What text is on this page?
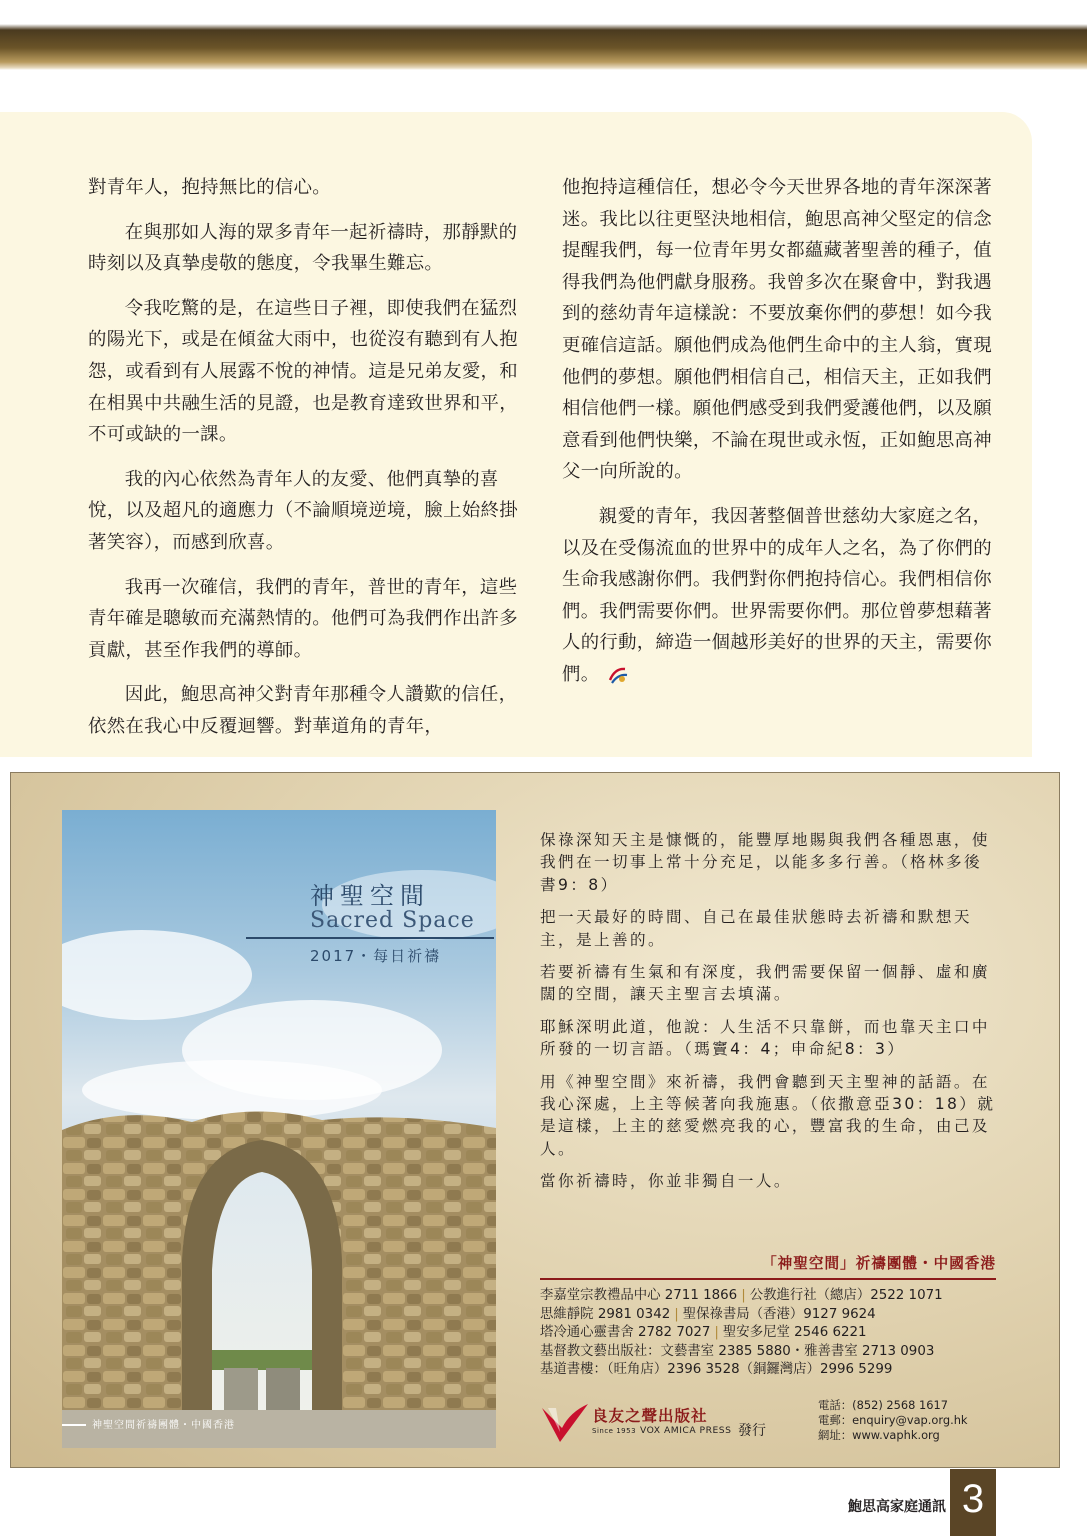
對青年人，抱持無比的信心。

在與那如人海的眾多青年一起祈禱時，那靜默的時刻以及真摯虔敬的態度，令我畢生難忘。

令我吃驚的是，在這些日子裡，即使我們在猛烈的陽光下，或是在傾盆大雨中，也從沒有聽到有人抱怨，或看到有人展露不悅的神情。這是兄弟友愛，和在相異中共融生活的見證，也是教育達致世界和平，不可或缺的一課。

我的內心依然為青年人的友愛、他們真摯的喜悅，以及超凡的適應力（不論順境逆境，臉上始終掛著笑容），而感到欣喜。

我再一次確信，我們的青年，普世的青年，這些青年確是聰敏而充滿熱情的。他們可為我們作出許多貢獻，甚至作我們的導師。

因此，鮑思高神父對青年那種令人讚歎的信任，依然在我心中反覆迴響。對華道角的青年，

他抱持這種信任，想必令今天世界各地的青年深深著迷。我比以往更堅決地相信，鮑思高神父堅定的信念提醒我們，每一位青年男女都蘊藏著聖善的種子，值得我們為他們獻身服務。我曾多次在聚會中，對我遇到的慈幼青年這樣說：不要放棄你們的夢想！如今我更確信這話。願他們成為他們生命中的主人翁，實現他們的夢想。願他們相信自己，相信天主，正如我們相信他們一樣。願他們感受到我們愛護他們，以及願意看到他們快樂，不論在現世或永恆，正如鮑思高神父一向所說的。

親愛的青年，我因著整個普世慈幼大家庭之名，以及在受傷流血的世界中的成年人之名，為了你們的生命我感謝你們。我們對你們抱持信心。我們相信你們。我們需要你們。世界需要你們。那位曾夢想藉著人的行動，締造一個越形美好的世界的天主，需要你們。

神聖空間
Sacred Space
2017・每日祈禱
神聖空間祈禱團體・中國香港

保祿深知天主是慷慨的，能豐厚地賜與我們各種恩惠，使我們在一切事上常十分充足，以能多多行善。（格林多後書9：8）

把一天最好的時間、自己在最佳狀態時去祈禱和默想天主，是上善的。

若要祈禱有生氣和有深度，我們需要保留一個靜、虛和廣闊的空間，讓天主聖言去填滿。

耶穌深明此道，他說：人生活不只靠餅，而也靠天主口中所發的一切言語。（瑪竇4：4；申命紀8：3）

用《神聖空間》來祈禱，我們會聽到天主聖神的話語。在我心深處，上主等候著向我施惠。（依撒意亞30：18）就是這樣，上主的慈愛燃亮我的心，豐富我的生命，由己及人。

當你祈禱時，你並非獨自一人。

「神聖空間」祈禱團體・中國香港
李嘉堂宗教禮品中心 2711 1866 | 公教進行社（總店）2522 1071
思維靜院 2981 0342 | 聖保祿書局（香港）9127 9624
塔冷通心靈書舍 2782 7027 | 聖安多尼堂 2546 6221
基督教文藝出版社：文藝書室 2385 5880・雅善書室 2713 0903
基道書樓：（旺角店）2396 3528（銅鑼灣店）2996 5299
良友之聲出版社
Since 1953 VOX AMICA PRESS 發行
電話：(852) 2568 1617
電郵：enquiry@vap.org.hk
網址：www.vaphk.org
鮑思高家庭通訊 3
